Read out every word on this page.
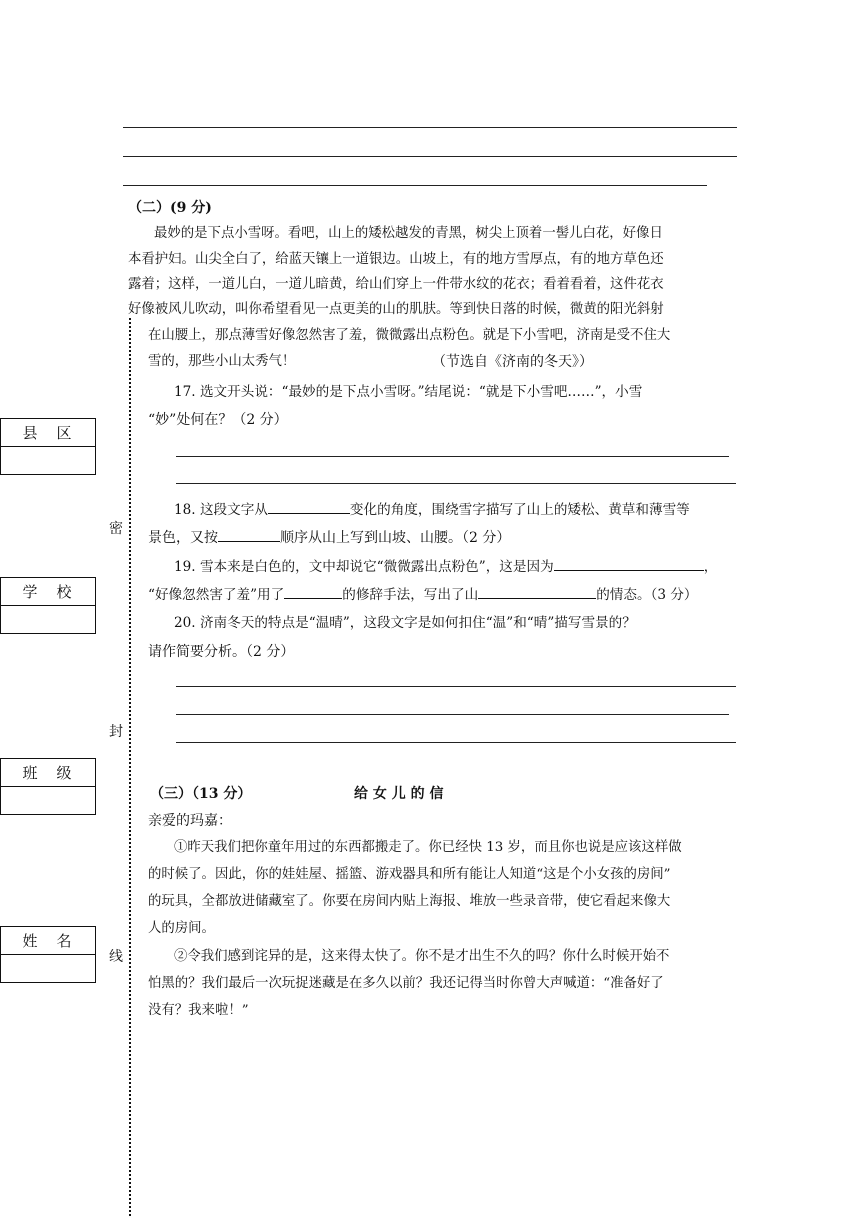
密
封
线
县　区
学　校
班　级
姓　名
（二）(9 分)
最妙的是下点小雪呀。看吧，山上的矮松越发的青黑，树尖上顶着一髻儿白花，好像日
本看护妇。山尖全白了，给蓝天镶上一道银边。山坡上，有的地方雪厚点，有的地方草色还
露着；这样，一道儿白，一道儿暗黄，给山们穿上一件带水纹的花衣；看着看着，这件花衣
好像被风儿吹动，叫你希望看见一点更美的山的肌肤。等到快日落的时候，微黄的阳光斜射
在山腰上，那点薄雪好像忽然害了羞，微微露出点粉色。就是下小雪吧，济南是受不住大
雪的，那些小山太秀气！	（节选自《济南的冬天》）
17. 选文开头说：“最妙的是下点小雪呀。”结尾说：“就是下小雪吧……”，小雪
“妙”处何在？（2 分）
18. 这段文字从	变化的角度，围绕雪字描写了山上的矮松、黄草和薄雪等
景色，又按	顺序从山上写到山坡、山腰。（2 分）
19. 雪本来是白色的，文中却说它“微微露出点粉色”，这是因为	，
“好像忽然害了羞”用了	的修辞手法，写出了山	的情态。（3 分）
20. 济南冬天的特点是“温晴”，这段文字是如何扣住“温”和“晴”描写雪景的？
请作简要分析。（2 分）
（三）（13 分）	给 女 儿 的 信
亲爱的玛嘉：
①昨天我们把你童年用过的东西都搬走了。你已经快 13 岁，而且你也说是应该这样做
的时候了。因此，你的娃娃屋、摇篮、游戏器具和所有能让人知道“这是个小女孩的房间”
的玩具，全都放进储藏室了。你要在房间内贴上海报、堆放一些录音带，使它看起来像大
人的房间。
②令我们感到诧异的是，这来得太快了。你不是才出生不久的吗？你什么时候开始不
怕黑的？我们最后一次玩捉迷藏是在多久以前？我还记得当时你曾大声喊道：“准备好了
没有？我来啦！”
